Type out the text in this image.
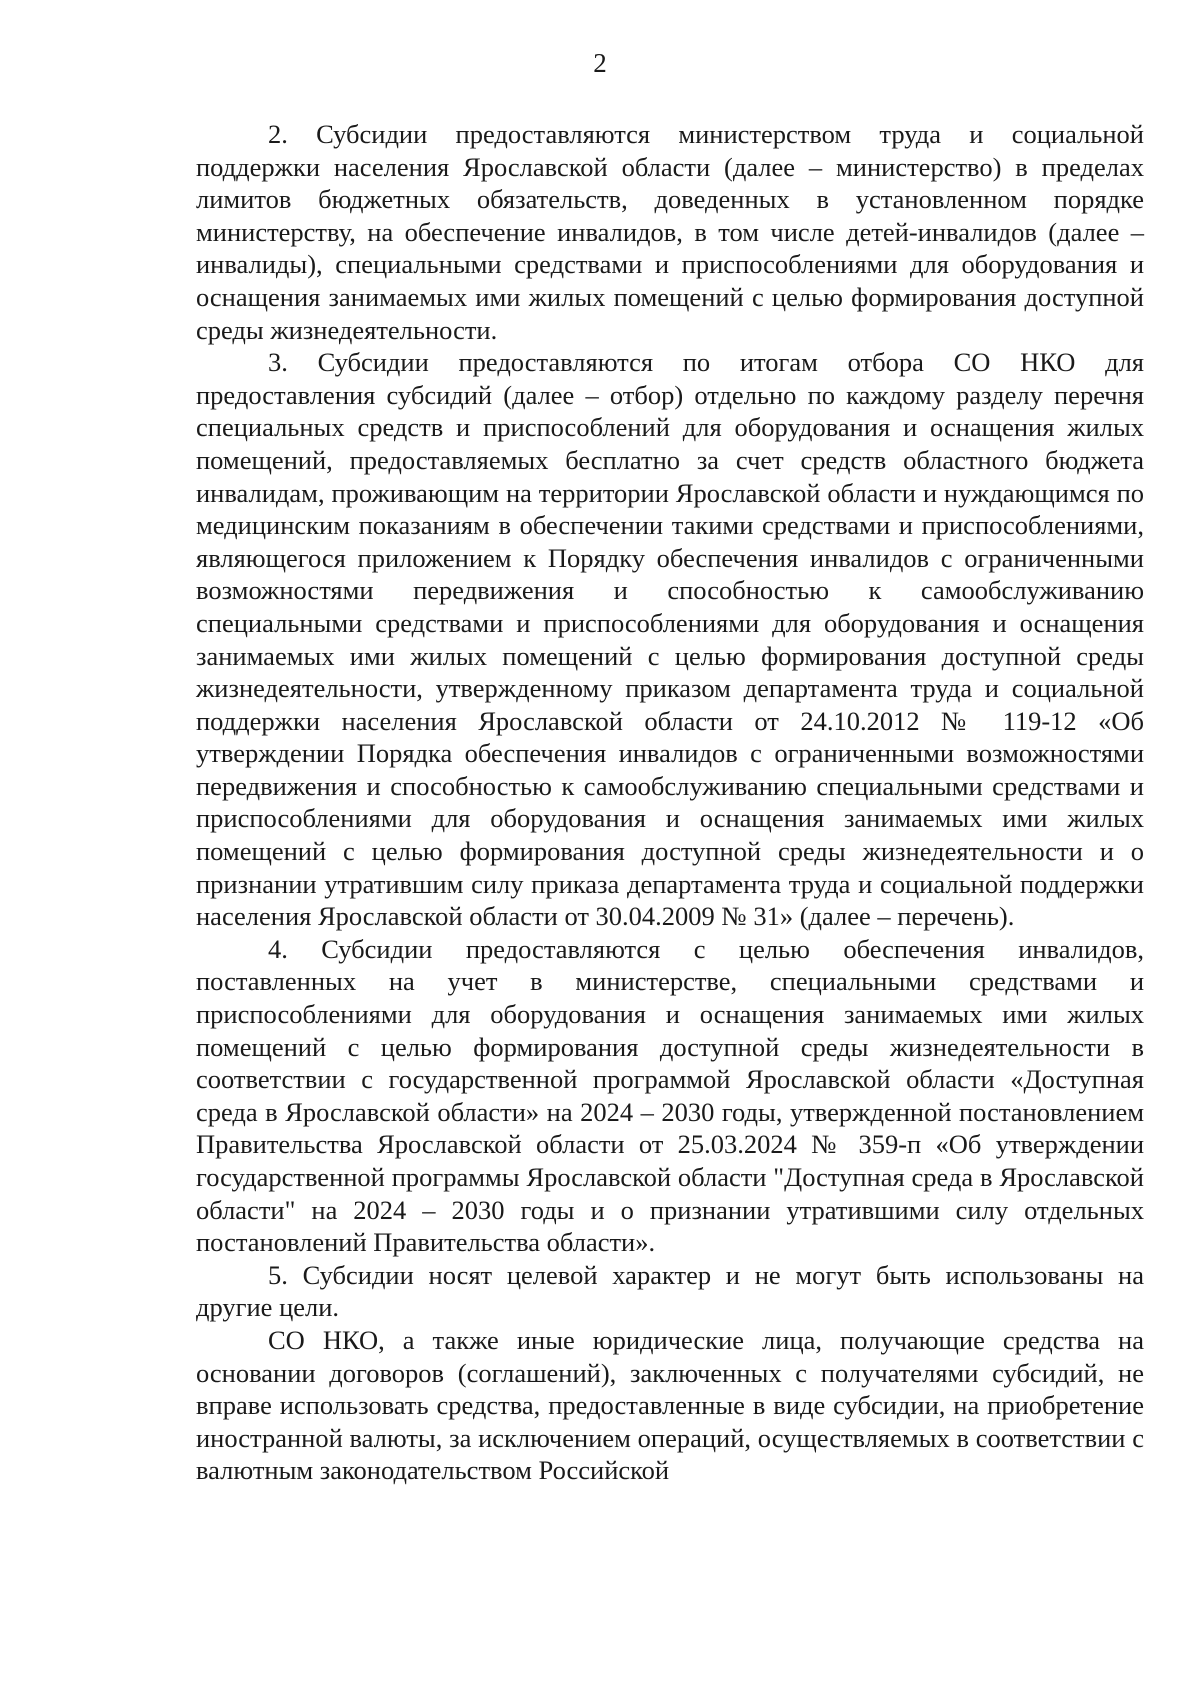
2

2. Субсидии предоставляются министерством труда и социальной поддержки населения Ярославской области (далее – министерство) в пределах лимитов бюджетных обязательств, доведенных в установленном порядке министерству, на обеспечение инвалидов, в том числе детей-инвалидов (далее – инвалиды), специальными средствами и приспособлениями для оборудования и оснащения занимаемых ими жилых помещений с целью формирования доступной среды жизнедеятельности.

3. Субсидии предоставляются по итогам отбора СО НКО для предоставления субсидий (далее – отбор) отдельно по каждому разделу перечня специальных средств и приспособлений для оборудования и оснащения жилых помещений, предоставляемых бесплатно за счет средств областного бюджета инвалидам, проживающим на территории Ярославской области и нуждающимся по медицинским показаниям в обеспечении такими средствами и приспособлениями, являющегося приложением к Порядку обеспечения инвалидов с ограниченными возможностями передвижения и способностью к самообслуживанию специальными средствами и приспособлениями для оборудования и оснащения занимаемых ими жилых помещений с целью формирования доступной среды жизнедеятельности, утвержденному приказом департамента труда и социальной поддержки населения Ярославской области от 24.10.2012 № 119-12 «Об утверждении Порядка обеспечения инвалидов с ограниченными возможностями передвижения и способностью к самообслуживанию специальными средствами и приспособлениями для оборудования и оснащения занимаемых ими жилых помещений с целью формирования доступной среды жизнедеятельности и о признании утратившим силу приказа департамента труда и социальной поддержки населения Ярославской области от 30.04.2009 № 31» (далее – перечень).

4. Субсидии предоставляются с целью обеспечения инвалидов, поставленных на учет в министерстве, специальными средствами и приспособлениями для оборудования и оснащения занимаемых ими жилых помещений с целью формирования доступной среды жизнедеятельности в соответствии с государственной программой Ярославской области «Доступная среда в Ярославской области» на 2024 – 2030 годы, утвержденной постановлением Правительства Ярославской области от 25.03.2024 № 359-п «Об утверждении государственной программы Ярославской области "Доступная среда в Ярославской области" на 2024 – 2030 годы и о признании утратившими силу отдельных постановлений Правительства области».

5. Субсидии носят целевой характер и не могут быть использованы на другие цели.

СО НКО, а также иные юридические лица, получающие средства на основании договоров (соглашений), заключенных с получателями субсидий, не вправе использовать средства, предоставленные в виде субсидии, на приобретение иностранной валюты, за исключением операций, осуществляемых в соответствии с валютным законодательством Российской
